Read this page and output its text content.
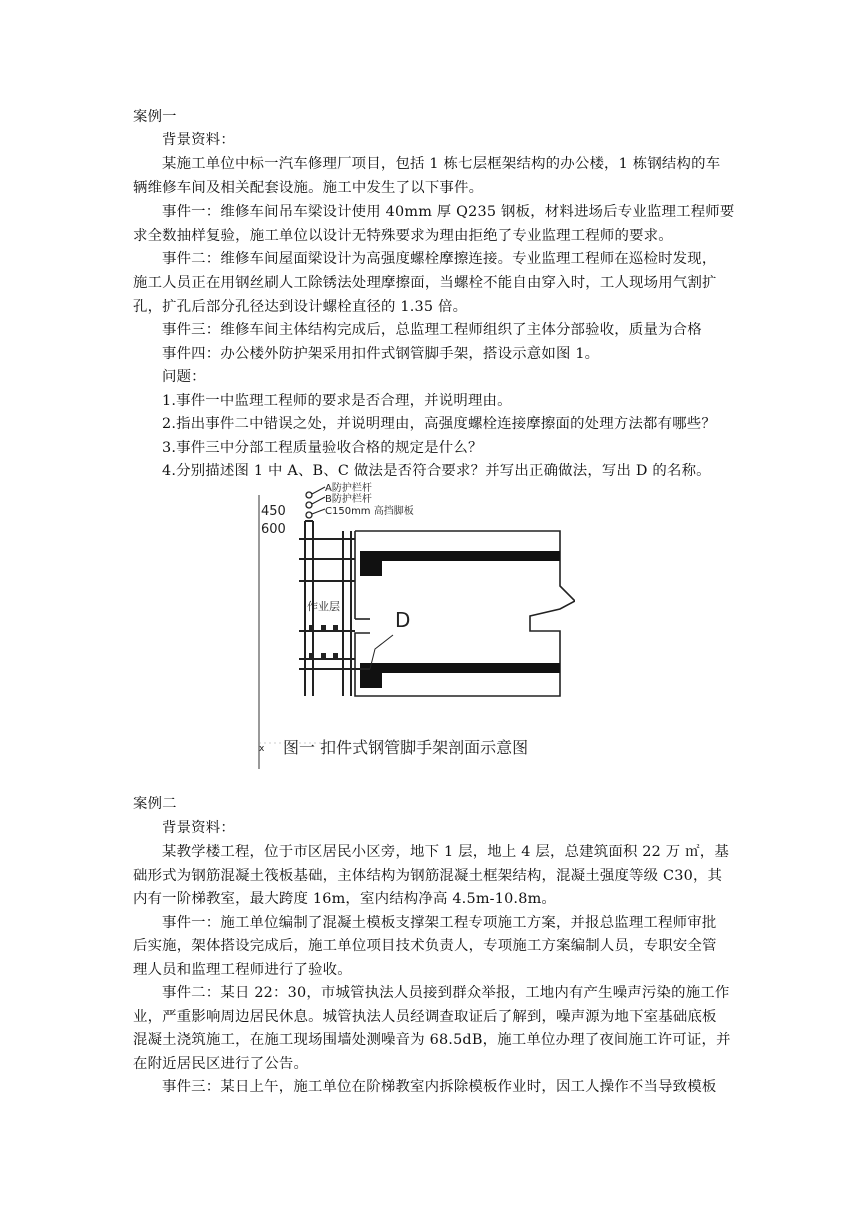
案例一
背景资料：
某施工单位中标一汽车修理厂项目，包括 1 栋七层框架结构的办公楼，1 栋钢结构的车
辆维修车间及相关配套设施。施工中发生了以下事件。
事件一：维修车间吊车梁设计使用 40mm 厚 Q235 钢板，材料进场后专业监理工程师要
求全数抽样复验，施工单位以设计无特殊要求为理由拒绝了专业监理工程师的要求。
事件二：维修车间屋面梁设计为高强度螺栓摩擦连接。专业监理工程师在巡检时发现，
施工人员正在用钢丝刷人工除锈法处理摩擦面，当螺栓不能自由穿入时，工人现场用气割扩
孔，扩孔后部分孔径达到设计螺栓直径的 1.35 倍。
事件三：维修车间主体结构完成后，总监理工程师组织了主体分部验收，质量为合格
事件四：办公楼外防护架采用扣件式钢管脚手架，搭设示意如图 1。
问题：
1.事件一中监理工程师的要求是否合理，并说明理由。
2.指出事件二中错误之处，并说明理由，高强度螺栓连接摩擦面的处理方法都有哪些？
3.事件三中分部工程质量验收合格的规定是什么？
4.分别描述图 1 中 A、B、C 做法是否符合要求？并写出正确做法，写出 D 的名称。
450
600
A防护栏杆
B防护栏杆
C150mm 高挡脚板
作业层
D
x 图一 扣件式钢管脚手架剖面示意图
案例二
背景资料：
某教学楼工程，位于市区居民小区旁，地下 1 层，地上 4 层，总建筑面积 22 万 ㎡，基
础形式为钢筋混凝土筏板基础，主体结构为钢筋混凝土框架结构，混凝土强度等级 C30，其
内有一阶梯教室，最大跨度 16m，室内结构净高 4.5m-10.8m。
事件一：施工单位编制了混凝土模板支撑架工程专项施工方案，并报总监理工程师审批
后实施，架体搭设完成后，施工单位项目技术负责人，专项施工方案编制人员，专职安全管
理人员和监理工程师进行了验收。
事件二：某日 22：30，市城管执法人员接到群众举报，工地内有产生噪声污染的施工作
业，严重影响周边居民休息。城管执法人员经调查取证后了解到，噪声源为地下室基础底板
混凝土浇筑施工，在施工现场围墙处测噪音为 68.5dB，施工单位办理了夜间施工许可证，并
在附近居民区进行了公告。
事件三：某日上午，施工单位在阶梯教室内拆除模板作业时，因工人操作不当导致模板
